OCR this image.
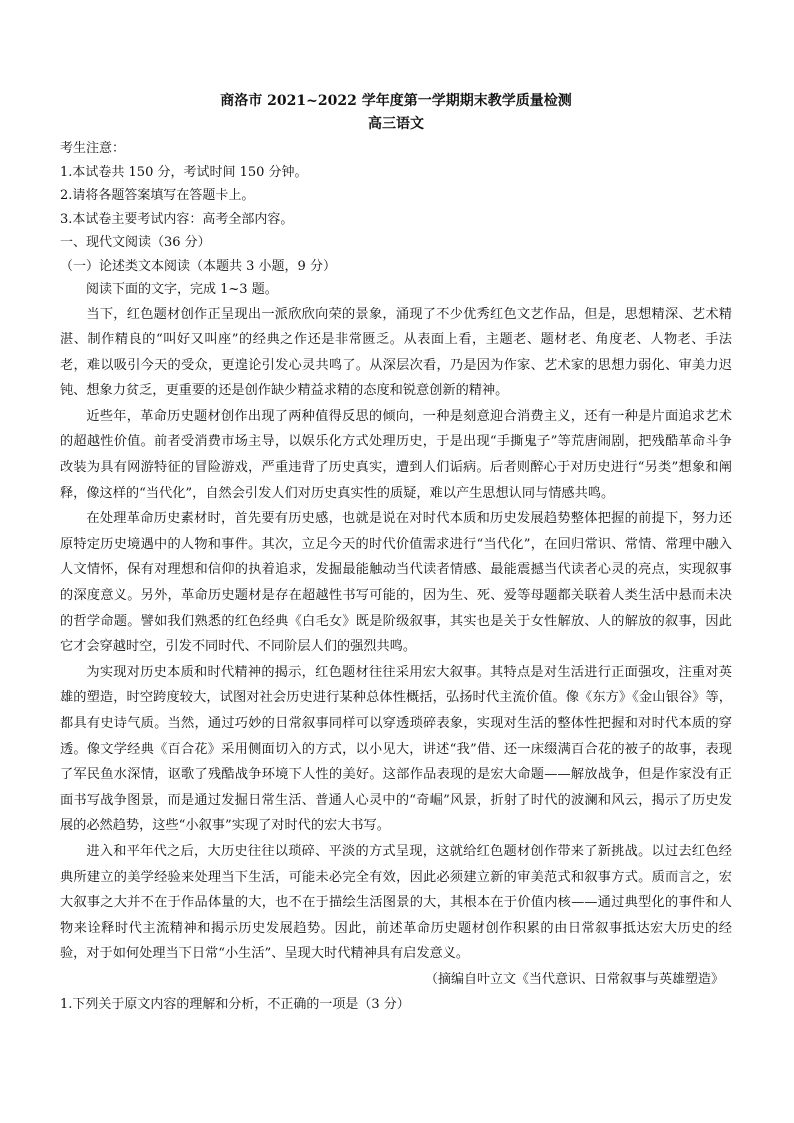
商洛市 2021~2022 学年度第一学期期末教学质量检测
高三语文

考生注意：

1.本试卷共 150 分，考试时间 150 分钟。

2.请将各题答案填写在答题卡上。

3.本试卷主要考试内容：高考全部内容。

一、现代文阅读（36 分）

（一）论述类文本阅读（本题共 3 小题，9 分）

阅读下面的文字，完成 1~3 题。

当下，红色题材创作正呈现出一派欣欣向荣的景象，涌现了不少优秀红色文艺作品，但是，思想精深、艺术精湛、制作精良的“叫好又叫座”的经典之作还是非常匮乏。从表面上看，主题老、题材老、角度老、人物老、手法老，难以吸引今天的受众，更遑论引发心灵共鸣了。从深层次看，乃是因为作家、艺术家的思想力弱化、审美力迟钝、想象力贫乏，更重要的还是创作缺少精益求精的态度和锐意创新的精神。

近些年，革命历史题材创作出现了两种值得反思的倾向，一种是刻意迎合消费主义，还有一种是片面追求艺术的超越性价值。前者受消费市场主导，以娱乐化方式处理历史，于是出现“手撕鬼子”等荒唐闹剧，把残酷革命斗争改装为具有网游特征的冒险游戏，严重违背了历史真实，遭到人们诟病。后者则醉心于对历史进行“另类”想象和阐释，像这样的“当代化”，自然会引发人们对历史真实性的质疑，难以产生思想认同与情感共鸣。

在处理革命历史素材时，首先要有历史感，也就是说在对时代本质和历史发展趋势整体把握的前提下，努力还原特定历史境遇中的人物和事件。其次，立足今天的时代价值需求进行“当代化”，在回归常识、常情、常理中融入人文情怀，保有对理想和信仰的执着追求，发掘最能触动当代读者情感、最能震撼当代读者心灵的亮点，实现叙事的深度意义。另外，革命历史题材是存在超越性书写可能的，因为生、死、爱等母题都关联着人类生活中悬而未决的哲学命题。譬如我们熟悉的红色经典《白毛女》既是阶级叙事，其实也是关于女性解放、人的解放的叙事，因此它才会穿越时空，引发不同时代、不同阶层人们的强烈共鸣。

为实现对历史本质和时代精神的揭示，红色题材往往采用宏大叙事。其特点是对生活进行正面强攻，注重对英雄的塑造，时空跨度较大，试图对社会历史进行某种总体性概括，弘扬时代主流价值。像《东方》《金山银谷》等，都具有史诗气质。当然，通过巧妙的日常叙事同样可以穿透琐碎表象，实现对生活的整体性把握和对时代本质的穿透。像文学经典《百合花》采用侧面切入的方式，以小见大，讲述“我”借、还一床缀满百合花的被子的故事，表现了军民鱼水深情，讴歌了残酷战争环境下人性的美好。这部作品表现的是宏大命题——解放战争，但是作家没有正面书写战争图景，而是通过发掘日常生活、普通人心灵中的“奇崛”风景，折射了时代的波澜和风云，揭示了历史发展的必然趋势，这些“小叙事”实现了对时代的宏大书写。

进入和平年代之后，大历史往往以琐碎、平淡的方式呈现，这就给红色题材创作带来了新挑战。以过去红色经典所建立的美学经验来处理当下生活，可能未必完全有效，因此必须建立新的审美范式和叙事方式。质而言之，宏大叙事之大并不在于作品体量的大，也不在于描绘生活图景的大，其根本在于价值内核——通过典型化的事件和人物来诠释时代主流精神和揭示历史发展趋势。因此，前述革命历史题材创作积累的由日常叙事抵达宏大历史的经验，对于如何处理当下日常“小生活”、呈现大时代精神具有启发意义。

（摘编自叶立文《当代意识、日常叙事与英雄塑造》

1.下列关于原文内容的理解和分析，不正确的一项是（3 分）
